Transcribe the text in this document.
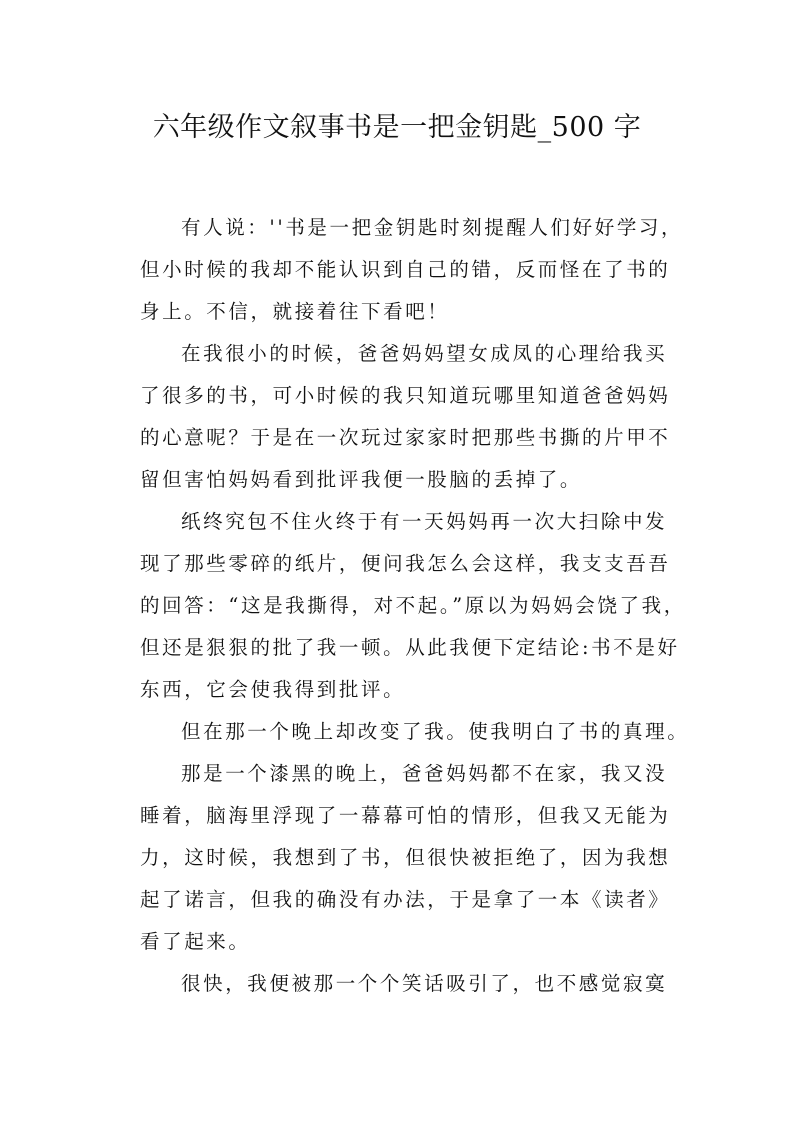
六年级作文叙事书是一把金钥匙_500 字
有人说：''书是一把金钥匙时刻提醒人们好好学习，
但小时候的我却不能认识到自己的错，反而怪在了书的
身上。不信，就接着往下看吧！
在我很小的时候，爸爸妈妈望女成凤的心理给我买
了很多的书，可小时候的我只知道玩哪里知道爸爸妈妈
的心意呢？于是在一次玩过家家时把那些书撕的片甲不
留但害怕妈妈看到批评我便一股脑的丢掉了。
纸终究包不住火终于有一天妈妈再一次大扫除中发
现了那些零碎的纸片，便问我怎么会这样，我支支吾吾
的回答：“这是我撕得，对不起。”原以为妈妈会饶了我，
但还是狠狠的批了我一顿。从此我便下定结论:书不是好
东西，它会使我得到批评。
但在那一个晚上却改变了我。使我明白了书的真理。
那是一个漆黑的晚上，爸爸妈妈都不在家，我又没
睡着，脑海里浮现了一幕幕可怕的情形，但我又无能为
力，这时候，我想到了书，但很快被拒绝了，因为我想
起了诺言，但我的确没有办法，于是拿了一本《读者》
看了起来。
很快，我便被那一个个笑话吸引了，也不感觉寂寞
